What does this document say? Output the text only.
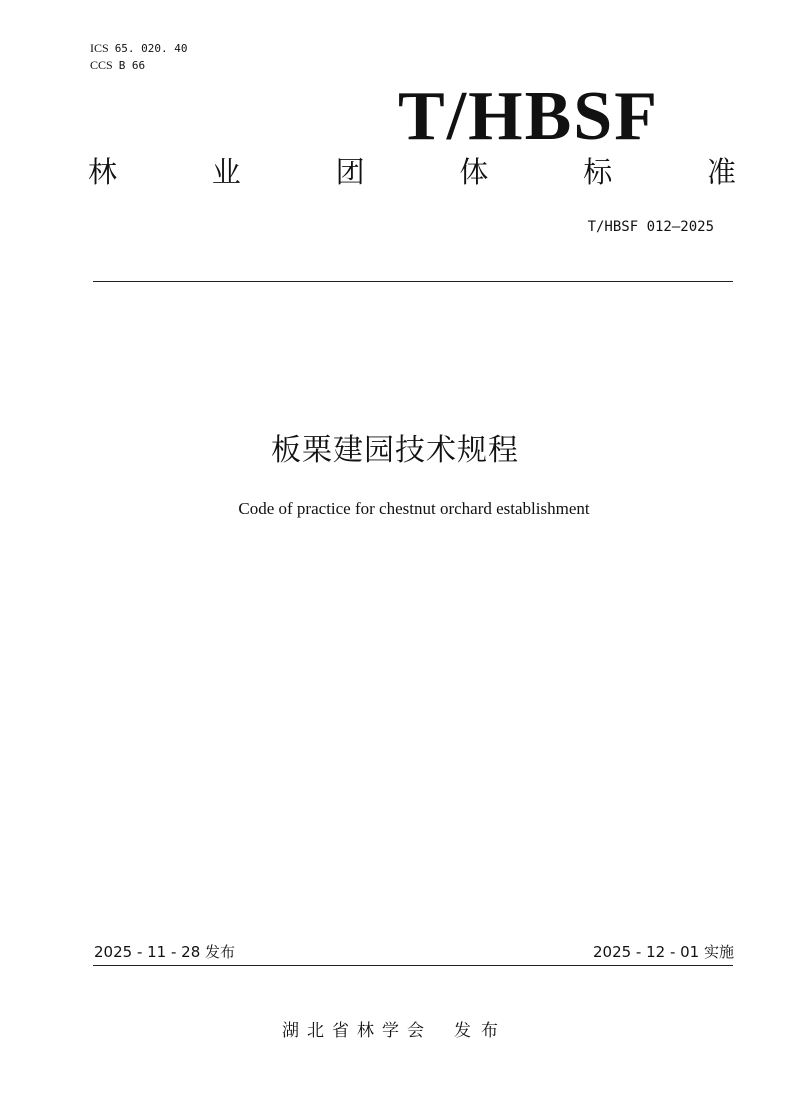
ICS 65. 020. 40
CCS B 66
T/HBSF
林	业	团	体	标	准
T/HBSF 012—2025
板栗建园技术规程
Code of practice for chestnut orchard establishment
2025 - 11 - 28 发布	2025 - 12 - 01 实施
湖北省林学会 发布
